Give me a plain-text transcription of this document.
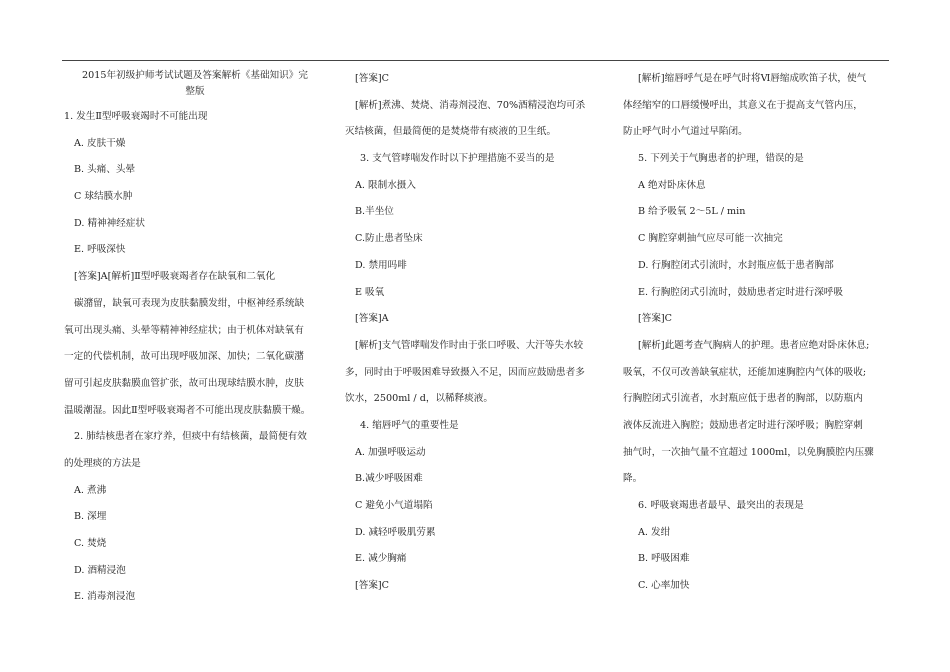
2015年初级护师考试试题及答案解析《基础知识》完
整版
1. 发生Ⅱ型呼吸衰竭时不可能出现
A. 皮肤干燥
B. 头痛、头晕
C 球结膜水肿
D. 精神神经症状
E. 呼吸深快
[答案]A[解析]Ⅱ型呼吸衰竭者存在缺氧和二氧化
碳潴留，缺氧可表现为皮肤黏膜发绀，中枢神经系统缺
氧可出现头痛、头晕等精神神经症状；由于机体对缺氧有
一定的代偿机制，故可出现呼吸加深、加快；二氧化碳潴
留可引起皮肤黏膜血管扩张，故可出现球结膜水肿，皮肤
温暖潮湿。因此Ⅱ型呼吸衰竭者不可能出现皮肤黏膜干燥。
2. 肺结核患者在家疗养，但痰中有结核菌，最简便有效
的处理痰的方法是
A. 煮沸
B. 深埋
C. 焚烧
D. 酒精浸泡
E. 消毒剂浸泡
[答案]C
[解析]煮沸、焚烧、消毒剂浸泡、70%酒精浸泡均可杀
灭结核菌，但最简便的是焚烧带有痰液的卫生纸。
3. 支气管哮喘发作时以下护理措施不妥当的是
A. 限制水摄入
B.半坐位
C.防止患者坠床
D. 禁用吗啡
E 吸氧
[答案]A
[解析]支气管哮喘发作时由于张口呼吸、大汗等失水较
多，同时由于呼吸困难导致摄入不足，因而应鼓励患者多
饮水，2500ml / d，以稀释痰液。
4. 缩唇呼气的重要性是
A. 加强呼吸运动
B.减少呼吸困难
C 避免小气道塌陷
D. 减轻呼吸肌劳累
E. 减少胸痛
[答案]C
[解析]缩唇呼气是在呼气时将Ⅵ唇缩成吹笛子状，使气
体经缩窄的口唇缓慢呼出，其意义在于提高支气管内压，
防止呼气时小气道过早陷闭。
5. 下列关于气胸患者的护理，错误的是
A 绝对卧床休息
B 给予吸氧 2～5L / min
C 胸腔穿刺抽气应尽可能一次抽完
D. 行胸腔闭式引流时，水封瓶应低于患者胸部
E. 行胸腔闭式引流时，鼓励患者定时进行深呼吸
[答案]C
[解析]此题考查气胸病人的护理。患者应绝对卧床休息;
吸氧，不仅可改善缺氧症状，还能加速胸腔内气体的吸收;
行胸腔闭式引流者，水封瓶应低于患者的胸部，以防瓶内
液体反流进入胸腔；鼓励患者定时进行深呼吸；胸腔穿刺
抽气时，一次抽气量不宜超过 1000ml，以免胸膜腔内压骤
降。
6. 呼吸衰竭患者最早、最突出的表现是
A. 发绀
B. 呼吸困难
C. 心率加快
